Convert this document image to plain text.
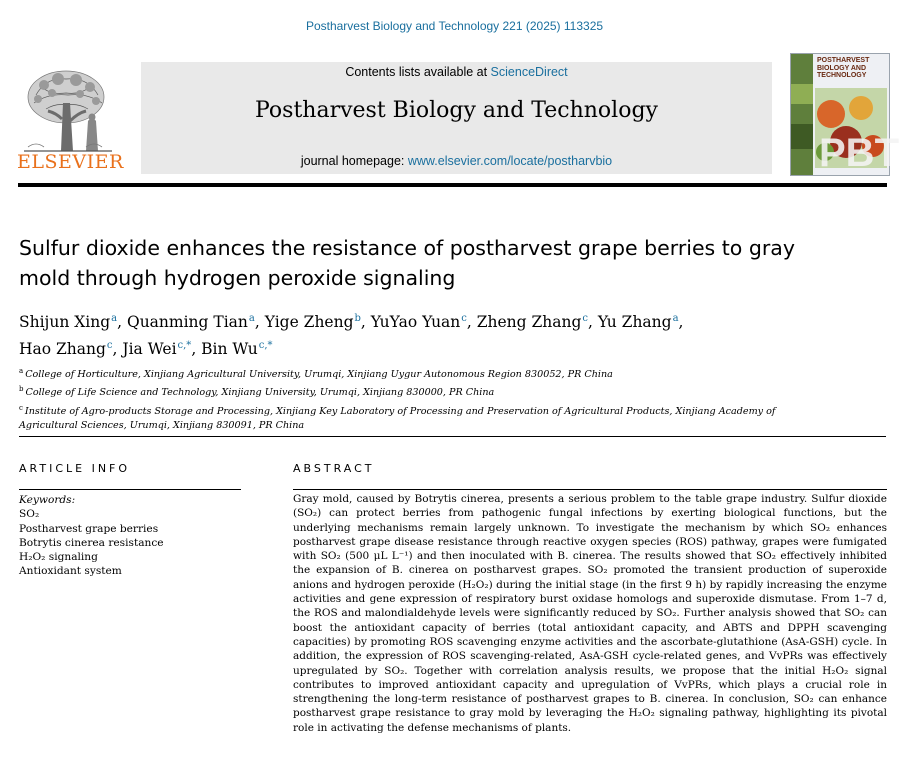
Postharvest Biology and Technology 221 (2025) 113325
ELSEVIER
Contents lists available at ScienceDirect
Postharvest Biology and Technology
journal homepage: www.elsevier.com/locate/postharvbio	PBT
POSTHARVEST BIOLOGY AND TECHNOLOGY
Sulfur dioxide enhances the resistance of postharvest grape berries to gray mold through hydrogen peroxide signaling
Shijun Xing$^a$, Quanming Tian$^a$, Yige Zheng$^b$, YuYao Yuan$^c$, Zheng Zhang$^c$, Yu Zhang$^a$,
Hao Zhang$^c$, Jia Wei$^{c,*}$, Bin Wu$^{c,*}$
$^a$ College of Horticulture, Xinjiang Agricultural University, Urumqi, Xinjiang Uygur Autonomous Region 830052, PR China
$^b$ College of Life Science and Technology, Xinjiang University, Urumqi, Xinjiang 830000, PR China
$^c$ Institute of Agro-products Storage and Processing, Xinjiang Key Laboratory of Processing and Preservation of Agricultural Products, Xinjiang Academy of Agricultural Sciences, Urumqi, Xinjiang 830091, PR China
ARTICLE INFO
Keywords:
SO₂
Postharvest grape berries
Botrytis cinerea resistance
H₂O₂ signaling
Antioxidant system
ABSTRACT
Gray mold, caused by Botrytis cinerea, presents a serious problem to the table grape industry. Sulfur dioxide (SO₂) can protect berries from pathogenic fungal infections by exerting biological functions, but the underlying mechanisms remain largely unknown. To investigate the mechanism by which SO₂ enhances postharvest grape disease resistance through reactive oxygen species (ROS) pathway, grapes were fumigated with SO₂ (500 μL L⁻¹) and then inoculated with B. cinerea. The results showed that SO₂ effectively inhibited the expansion of B. cinerea on postharvest grapes. SO₂ promoted the transient production of superoxide anions and hydrogen peroxide (H₂O₂) during the initial stage (in the first 9 h) by rapidly increasing the enzyme activities and gene expression of respiratory burst oxidase homologs and superoxide dismutase. From 1–7 d, the ROS and malondialdehyde levels were significantly reduced by SO₂. Further analysis showed that SO₂ can boost the antioxidant capacity of berries (total antioxidant capacity, and ABTS and DPPH scavenging capacities) by promoting ROS scavenging enzyme activities and the ascorbate-glutathione (AsA-GSH) cycle. In addition, the expression of ROS scavenging-related, AsA-GSH cycle-related genes, and VvPRs was effectively upregulated by SO₂. Together with correlation analysis results, we propose that the initial H₂O₂ signal contributes to improved antioxidant capacity and upregulation of VvPRs, which plays a crucial role in strengthening the long-term resistance of postharvest grapes to B. cinerea. In conclusion, SO₂ can enhance postharvest grape resistance to gray mold by leveraging the H₂O₂ signaling pathway, highlighting its pivotal role in activating the defense mechanisms of plants.
